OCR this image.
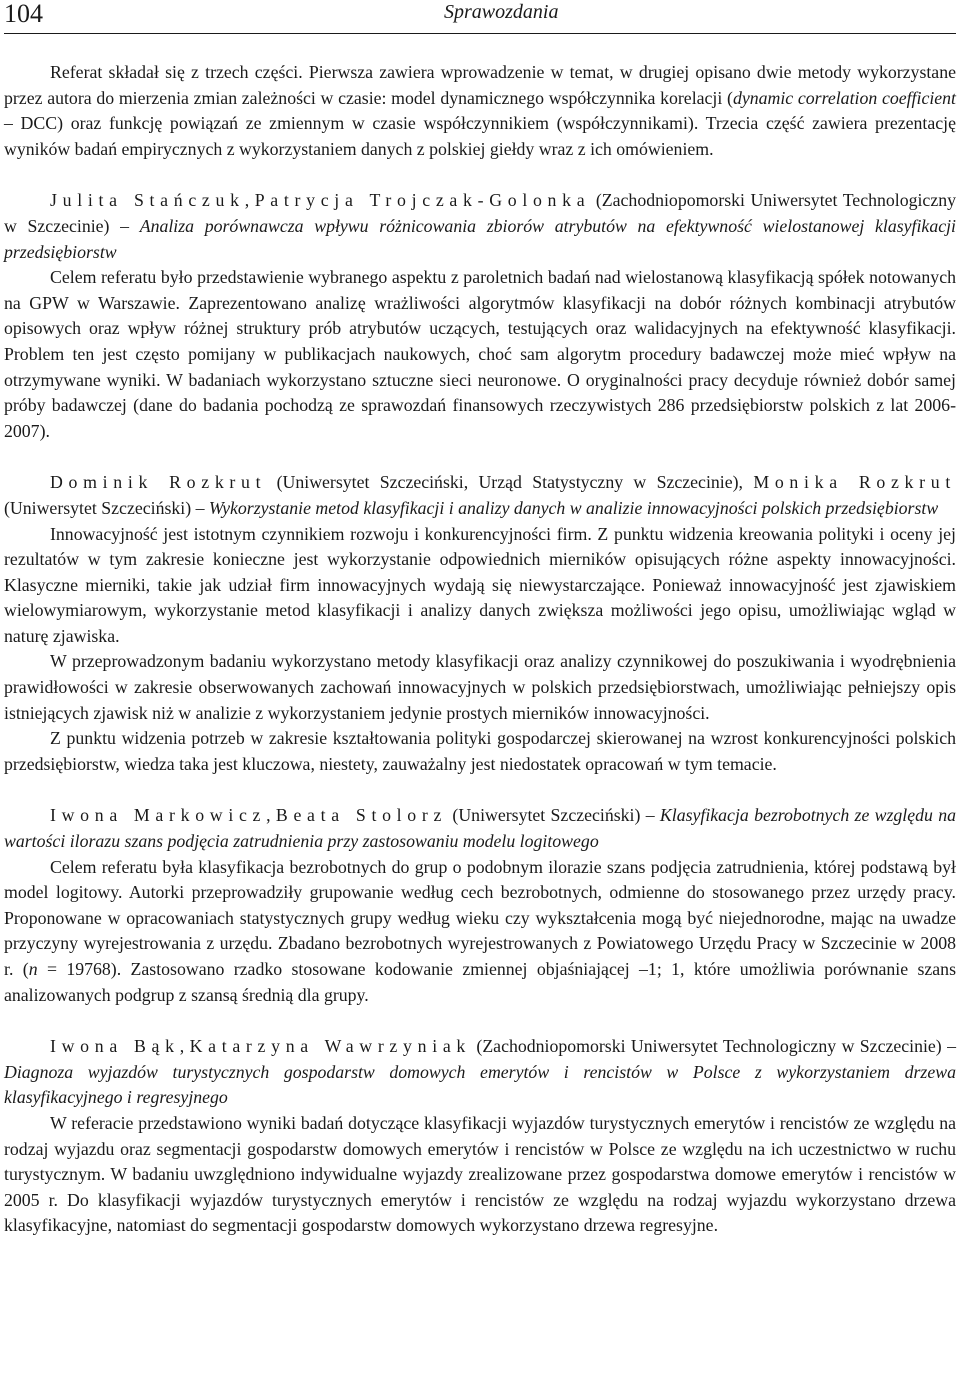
104	Sprawozdania

Referat składał się z trzech części. Pierwsza zawiera wprowadzenie w temat, w drugiej opisano dwie metody wykorzystane przez autora do mierzenia zmian zależności w czasie: model dynamicznego współczynnika korelacji (dynamic correlation coefficient – DCC) oraz funkcję powiązań ze zmiennym w czasie współczynnikiem (współczynnikami). Trzecia część zawiera prezentację wyników badań empirycznych z wykorzystaniem danych z polskiej giełdy wraz z ich omówieniem.

Julita Stańczuk, Patrycja Trojczak-Golonka (Zachodniopomorski Uniwersytet Technologiczny w Szczecinie) – Analiza porównawcza wpływu różnicowania zbiorów atrybutów na efektywność wielostanowej klasyfikacji przedsiębiorstw

Celem referatu było przedstawienie wybranego aspektu z paroletnich badań nad wielostanową klasyfikacją spółek notowanych na GPW w Warszawie. Zaprezentowano analizę wrażliwości algorytmów klasyfikacji na dobór różnych kombinacji atrybutów opisowych oraz wpływ różnej struktury prób atrybutów uczących, testujących oraz walidacyjnych na efektywność klasyfikacji. Problem ten jest często pomijany w publikacjach naukowych, choć sam algorytm procedury badawczej może mieć wpływ na otrzymywane wyniki. W badaniach wykorzystano sztuczne sieci neuronowe. O oryginalności pracy decyduje również dobór samej próby badawczej (dane do badania pochodzą ze sprawozdań finansowych rzeczywistych 286 przedsiębiorstw polskich z lat 2006-2007).

Dominik Rozkrut (Uniwersytet Szczeciński, Urząd Statystyczny w Szczecinie), Monika Rozkrut (Uniwersytet Szczeciński) – Wykorzystanie metod klasyfikacji i analizy danych w analizie innowacyjności polskich przedsiębiorstw

Innowacyjność jest istotnym czynnikiem rozwoju i konkurencyjności firm. Z punktu widzenia kreowania polityki i oceny jej rezultatów w tym zakresie konieczne jest wykorzystanie odpowiednich mierników opisujących różne aspekty innowacyjności. Klasyczne mierniki, takie jak udział firm innowacyjnych wydają się niewystarczające. Ponieważ innowacyjność jest zjawiskiem wielowymiarowym, wykorzystanie metod klasyfikacji i analizy danych zwiększa możliwości jego opisu, umożliwiając wgląd w naturę zjawiska.

W przeprowadzonym badaniu wykorzystano metody klasyfikacji oraz analizy czynnikowej do poszukiwania i wyodrębnienia prawidłowości w zakresie obserwowanych zachowań innowacyjnych w polskich przedsiębiorstwach, umożliwiając pełniejszy opis istniejących zjawisk niż w analizie z wykorzystaniem jedynie prostych mierników innowacyjności.

Z punktu widzenia potrzeb w zakresie kształtowania polityki gospodarczej skierowanej na wzrost konkurencyjności polskich przedsiębiorstw, wiedza taka jest kluczowa, niestety, zauważalny jest niedostatek opracowań w tym temacie.

Iwona Markowicz, Beata Stolorz (Uniwersytet Szczeciński) – Klasyfikacja bezrobotnych ze względu na wartości ilorazu szans podjęcia zatrudnienia przy zastosowaniu modelu logitowego

Celem referatu była klasyfikacja bezrobotnych do grup o podobnym ilorazie szans podjęcia zatrudnienia, której podstawą był model logitowy. Autorki przeprowadziły grupowanie według cech bezrobotnych, odmienne do stosowanego przez urzędy pracy. Proponowane w opracowaniach statystycznych grupy według wieku czy wykształcenia mogą być niejednorodne, mając na uwadze przyczyny wyrejestrowania z urzędu. Zbadano bezrobotnych wyrejestrowanych z Powiatowego Urzędu Pracy w Szczecinie w 2008 r. (n = 19768). Zastosowano rzadko stosowane kodowanie zmiennej objaśniającej –1; 1, które umożliwia porównanie szans analizowanych podgrup z szansą średnią dla grupy.

Iwona Bąk, Katarzyna Wawrzyniak (Zachodniopomorski Uniwersytet Technologiczny w Szczecinie) – Diagnoza wyjazdów turystycznych gospodarstw domowych emerytów i rencistów w Polsce z wykorzystaniem drzewa klasyfikacyjnego i regresyjnego

W referacie przedstawiono wyniki badań dotyczące klasyfikacji wyjazdów turystycznych emerytów i rencistów ze względu na rodzaj wyjazdu oraz segmentacji gospodarstw domowych emerytów i rencistów w Polsce ze względu na ich uczestnictwo w ruchu turystycznym. W badaniu uwzględniono indywidualne wyjazdy zrealizowane przez gospodarstwa domowe emerytów i rencistów w 2005 r. Do klasyfikacji wyjazdów turystycznych emerytów i rencistów ze względu na rodzaj wyjazdu wykorzystano drzewa klasyfikacyjne, natomiast do segmentacji gospodarstw domowych wykorzystano drzewa regresyjne.
